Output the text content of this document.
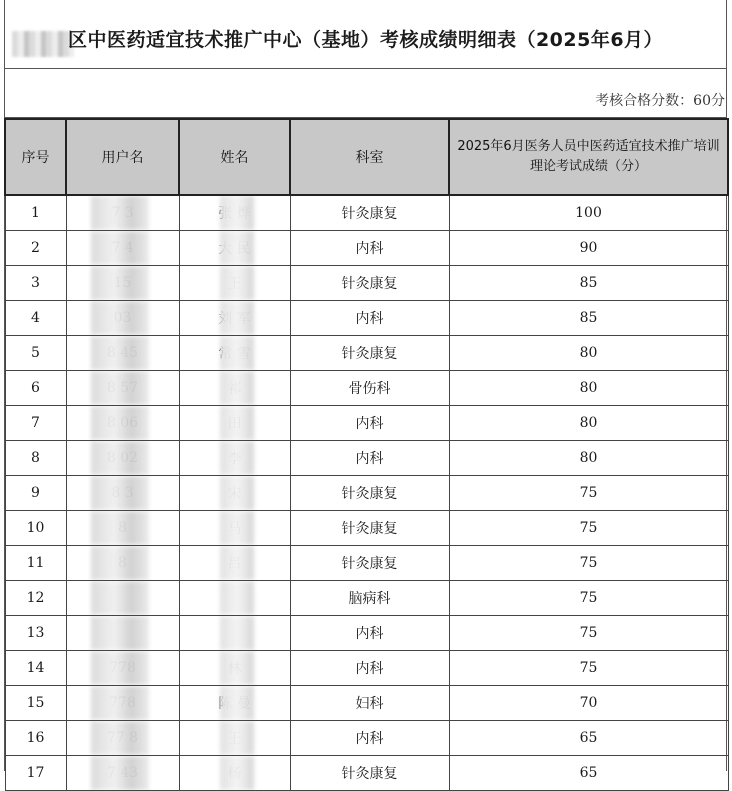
区中医药适宜技术推广中心（基地）考核成绩明细表（2025年6月）
考核合格分数：60分
序号	用户名	姓名	科室	2025年6月医务人员中医药适宜技术推广培训理论考试成绩（分）
1			针灸康复	100
2			内科	90
3			针灸康复	85
4			内科	85
5			针灸康复	80
6			骨伤科	80
7			内科	80
8			内科	80
9			针灸康复	75
10			针灸康复	75
11			针灸康复	75
12			脑病科	75
13			内科	75
14			内科	75
15			妇科	70
16			内科	65
17			针灸康复	65
